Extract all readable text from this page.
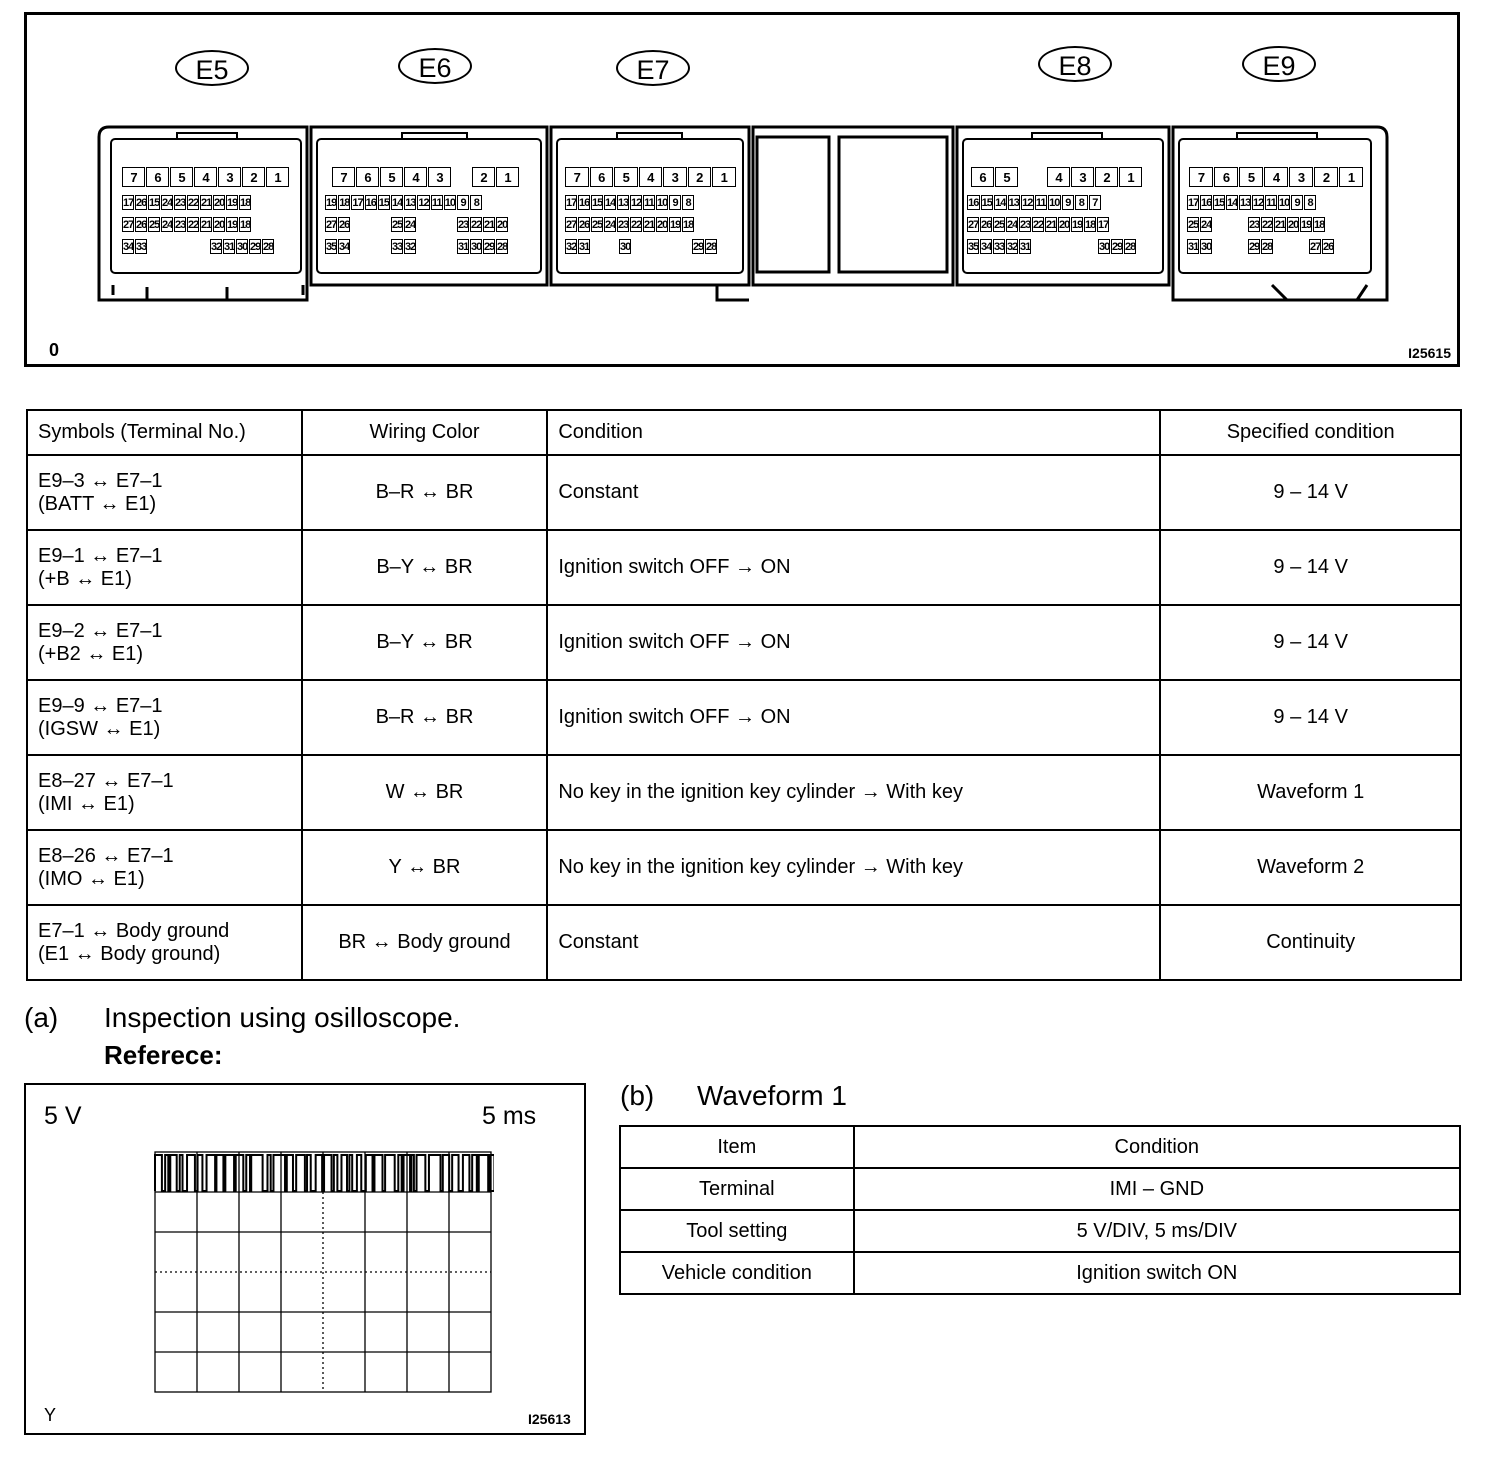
E5	E6	E7	E8	E9
7	6	5	4	3	2	1
17 26 15 24 23 22 21 20 19 18
27 26 25 24 23 22 21 20 19 18
34 33	32 31 30 29 28
7	6	5	4	3	2	1
19 18 17 16 15 14 13 12 11 10 9 8
27 26	25 24	23 22 21 20
35 34	33 32	31 30 29 28
7	6	5	4	3	2	1
17 16 15 14 13 12 11 10 9 8
27 26 25 24 23 22 21 20 19 18
32 31	30	29 28
6	5	4	3	2	1
16 15 14 13 12 11 10 9 8 7
27 26 25 24 23 22 21 20 19 18 17
35 34 33 32 31	30 29 28
7	6	5	4	3	2	1
17 16 15 14 13 12 11 10 9 8
25 24	23 22 21 20 19 18
31 30	29 28	27 26
0	I25615
Symbols (Terminal No.)	Wiring Color	Condition	Specified condition

E9–3 ↔ E7–1
(BATT ↔ E1)	B–R ↔ BR	Constant	9 – 14 V

E9–1 ↔ E7–1
(+B ↔ E1)	B–Y ↔ BR	Ignition switch OFF → ON	9 – 14 V

E9–2 ↔ E7–1
(+B2 ↔ E1)	B–Y ↔ BR	Ignition switch OFF → ON	9 – 14 V

E9–9 ↔ E7–1
(IGSW ↔ E1)	B–R ↔ BR	Ignition switch OFF → ON	9 – 14 V

E8–27 ↔ E7–1
(IMI ↔ E1)	W ↔ BR	No key in the ignition key cylinder → With key	Waveform 1

E8–26 ↔ E7–1
(IMO ↔ E1)	Y ↔ BR	No key in the ignition key cylinder → With key	Waveform 2

E7–1 ↔ Body ground
(E1 ↔ Body ground)	BR ↔ Body ground	Constant	Continuity
(a) Inspection using osilloscope.
Referece:
5 V	5 ms
Y	I25613
(b) Waveform 1
Item	Condition
Terminal	IMI – GND
Tool setting	5 V/DIV, 5 ms/DIV
Vehicle condition	Ignition switch ON
